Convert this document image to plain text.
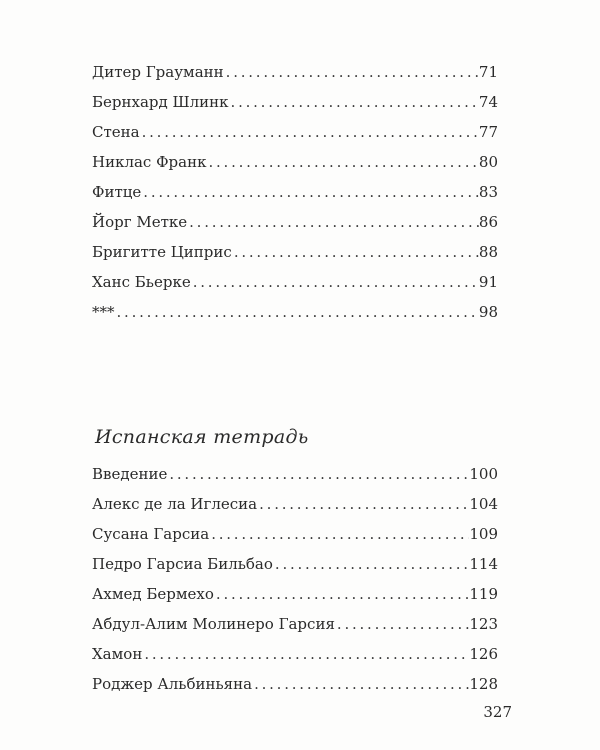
Дитер Грауманн . . .	71
Бернхард Шлинк . . .	74
Стена . . .	77
Никлас Франк . . .	80
Фитце . . .	83
Йорг Метке . . .	86
Бригитте Циприс . . .	88
Ханс Бьерке . . .	91
*** . . .	98
Испанская тетрадь
Введение . . .	100
Алекс де ла Иглесиа . . .	104
Сусана Гарсиа . . .	109
Педро Гарсиа Бильбао . . .	114
Ахмед Бермехо . . .	119
Абдул-Алим Молинеро Гарсия . . .	123
Хамон . . .	126
Роджер Альбиньяна . . .	128
327
